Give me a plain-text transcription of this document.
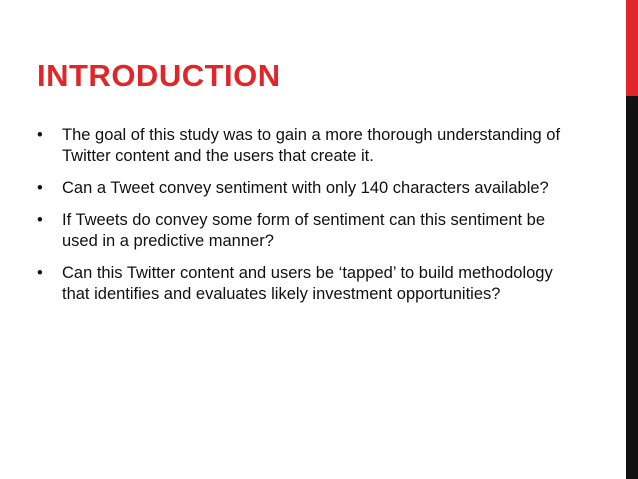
INTRODUCTION
• The goal of this study was to gain a more thorough understanding of Twitter content and the users that create it.
• Can a Tweet convey sentiment with only 140 characters available?
• If Tweets do convey some form of sentiment can this sentiment be used in a predictive manner?
• Can this Twitter content and users be ‘tapped’ to build methodology that identifies and evaluates likely investment opportunities?
